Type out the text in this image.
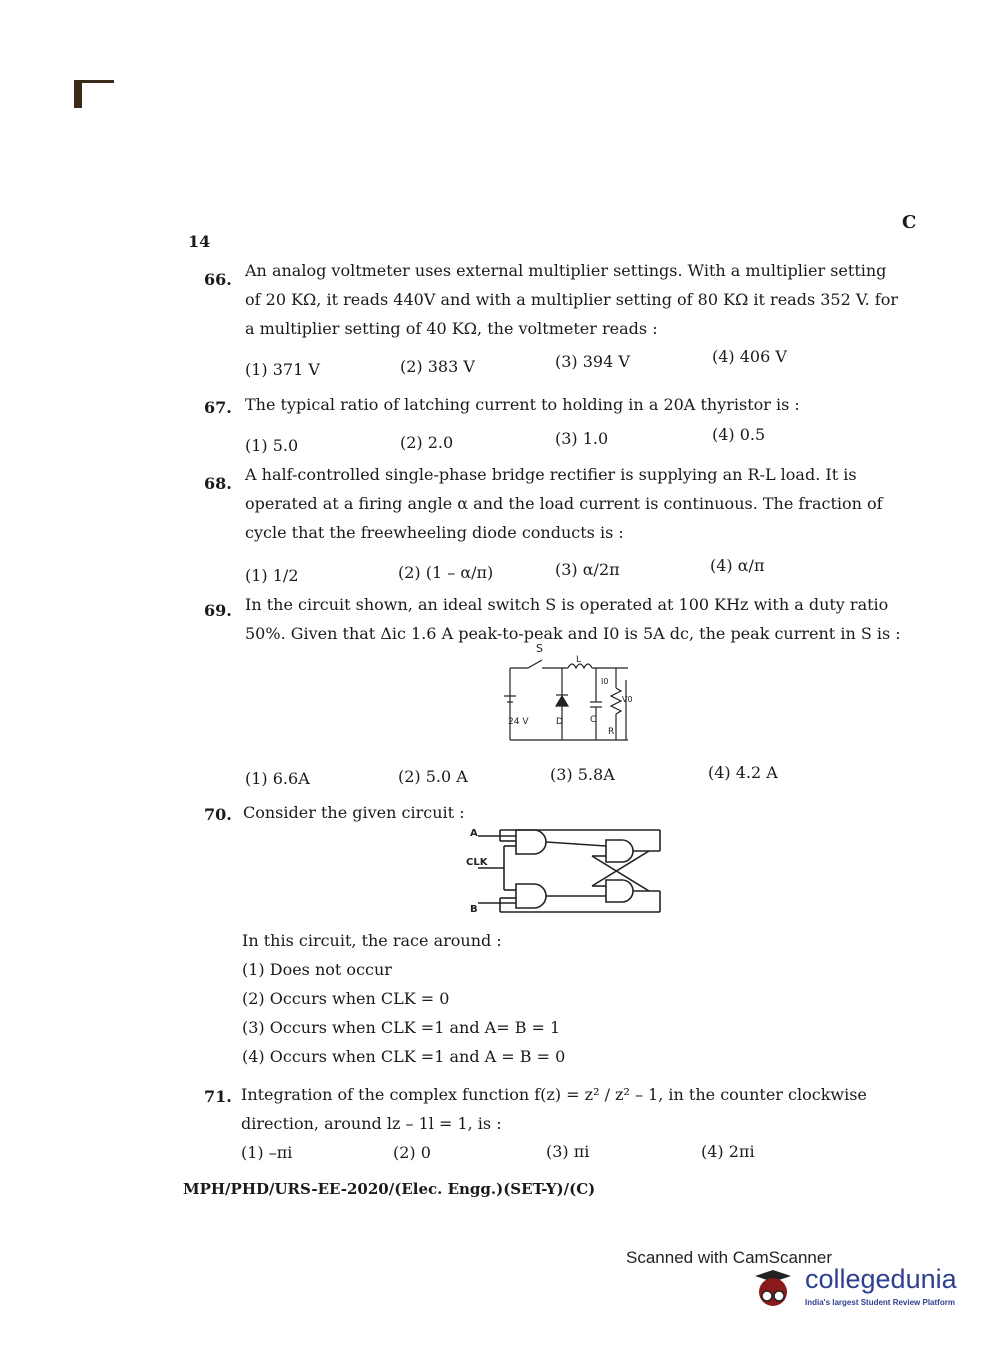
14
C
66. An analog voltmeter uses external multiplier settings. With a multiplier setting of 20 KΩ, it reads 440V and with a multiplier setting of 80 KΩ it reads 352 V. for a multiplier setting of 40 KΩ, the voltmeter reads :
(1) 371 V	(2) 383 V	(3) 394 V	(4) 406 V
67. The typical ratio of latching current to holding in a 20A thyristor is :
(1) 5.0	(2) 2.0	(3) 1.0	(4) 0.5
68. A half-controlled single-phase bridge rectifier is supplying an R-L load. It is operated at a firing angle α and the load current is continuous. The fraction of cycle that the freewheeling diode conducts is :
(1) 1/2	(2) (1 – α/π)	(3) α/2π	(4) α/π
69. In the circuit shown, an ideal switch S is operated at 100 KHz with a duty ratio 50%. Given that Δic 1.6 A peak-to-peak and I0 is 5A dc, the peak current in S is :
S
L
24 V	D	C
R
I0
V0
(1) 6.6A	(2) 5.0 A	(3) 5.8A	(4) 4.2 A
70. Consider the given circuit :
A
CLK
B
In this circuit, the race around :
(1) Does not occur
(2) Occurs when CLK = 0
(3) Occurs when CLK =1 and A= B = 1
(4) Occurs when CLK =1 and A = B = 0
71. Integration of the complex function f(z) = z² / z² – 1, in the counter clockwise direction, around lz – 1l = 1, is :
(1) –πi	(2) 0	(3) πi	(4) 2πi
MPH/PHD/URS-EE-2020/(Elec. Engg.)(SET-Y)/(C)
Scanned with CamScanner
collegedunia
India's largest Student Review Platform
